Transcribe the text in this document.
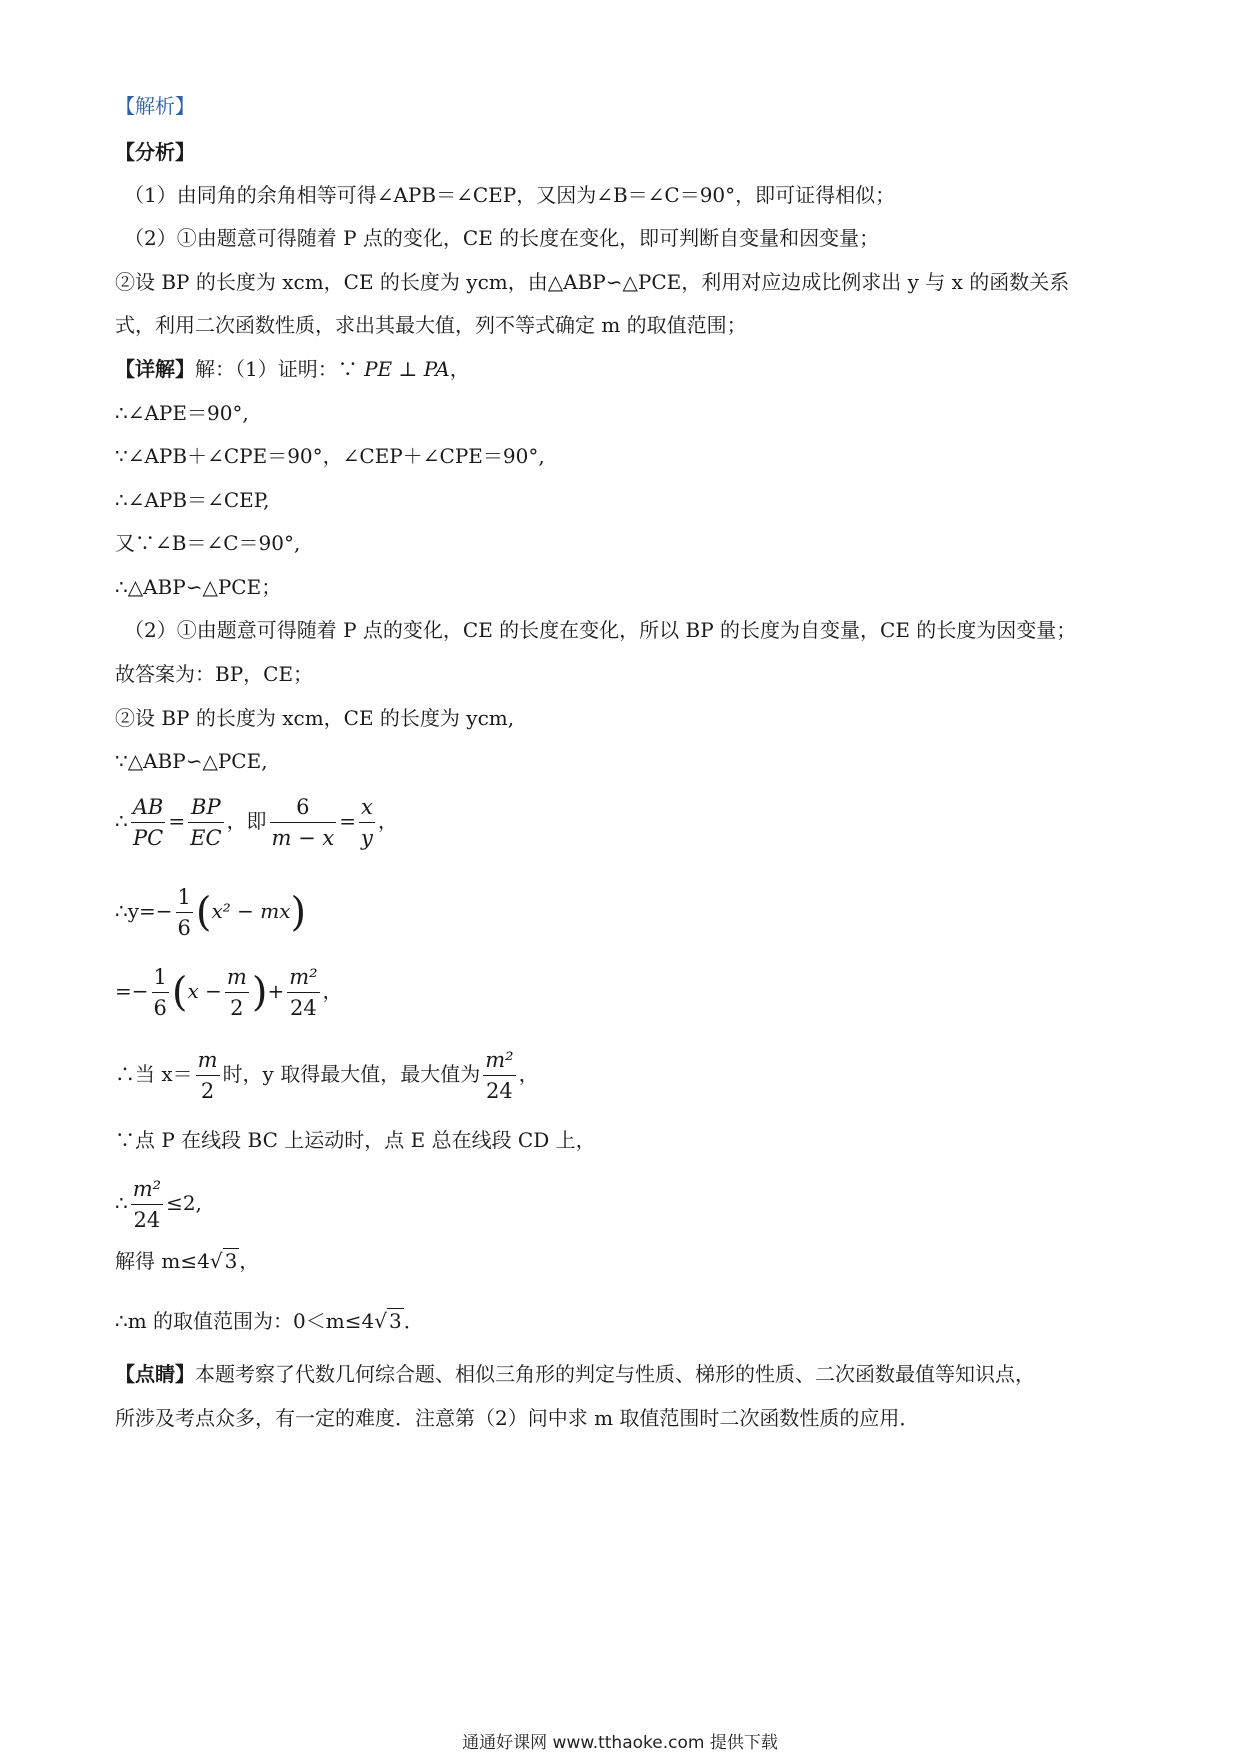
【解析】
【分析】
（1）由同角的余角相等可得∠APB＝∠CEP，又因为∠B＝∠C＝90°，即可证得相似；
（2）①由题意可得随着 P 点的变化，CE 的长度在变化，即可判断自变量和因变量；
②设 BP 的长度为 xcm，CE 的长度为 ycm，由△ABP∽△PCE，利用对应边成比例求出 y 与 x 的函数关系
式，利用二次函数性质，求出其最大值，列不等式确定 m 的取值范围；
【详解】解：（1）证明：∵ PE ⊥ PA，
∴∠APE＝90°,
∵∠APB＋∠CPE＝90°，∠CEP＋∠CPE＝90°,
∴∠APB＝∠CEP,
又∵∠B＝∠C＝90°,
∴△ABP∽△PCE；
（2）①由题意可得随着 P 点的变化，CE 的长度在变化，所以 BP 的长度为自变量，CE 的长度为因变量；
故答案为：BP，CE；
②设 BP 的长度为 xcm，CE 的长度为 ycm,
∵△ABP∽△PCE,
∴ $\frac{AB}{PC} = \frac{BP}{EC}$ ，即 $\frac{6}{m - x} = \frac{x}{y}$ ，
∴y=− $\frac{1}{6} (x^2 - mx)$
=− $\frac{1}{6} (x - \frac{m}{2}$ )+ $\frac{\text{m²}}{24}$ ，
∴当 $x= \frac{m}{2}$ 时，y 取得最大值，最大值为 $\frac{\text{m²}}{24}$ ，
∵点 P 在线段 BC 上运动时，点 E 总在线段 CD 上，
∴ $\frac{\text{m²}}{24} \le 2$,
解得 m≤4√ 3 ，
∴m 的取值范围为：0＜m≤4√ 3 ．
【点睛】本题考察了代数几何综合题、相似三角形的判定与性质、梯形的性质、二次函数最值等知识点，
所涉及考点众多，有一定的难度．注意第（2）问中求 m 取值范围时二次函数性质的应用．
通通好课网 www.tthaoke.com 提供下载
